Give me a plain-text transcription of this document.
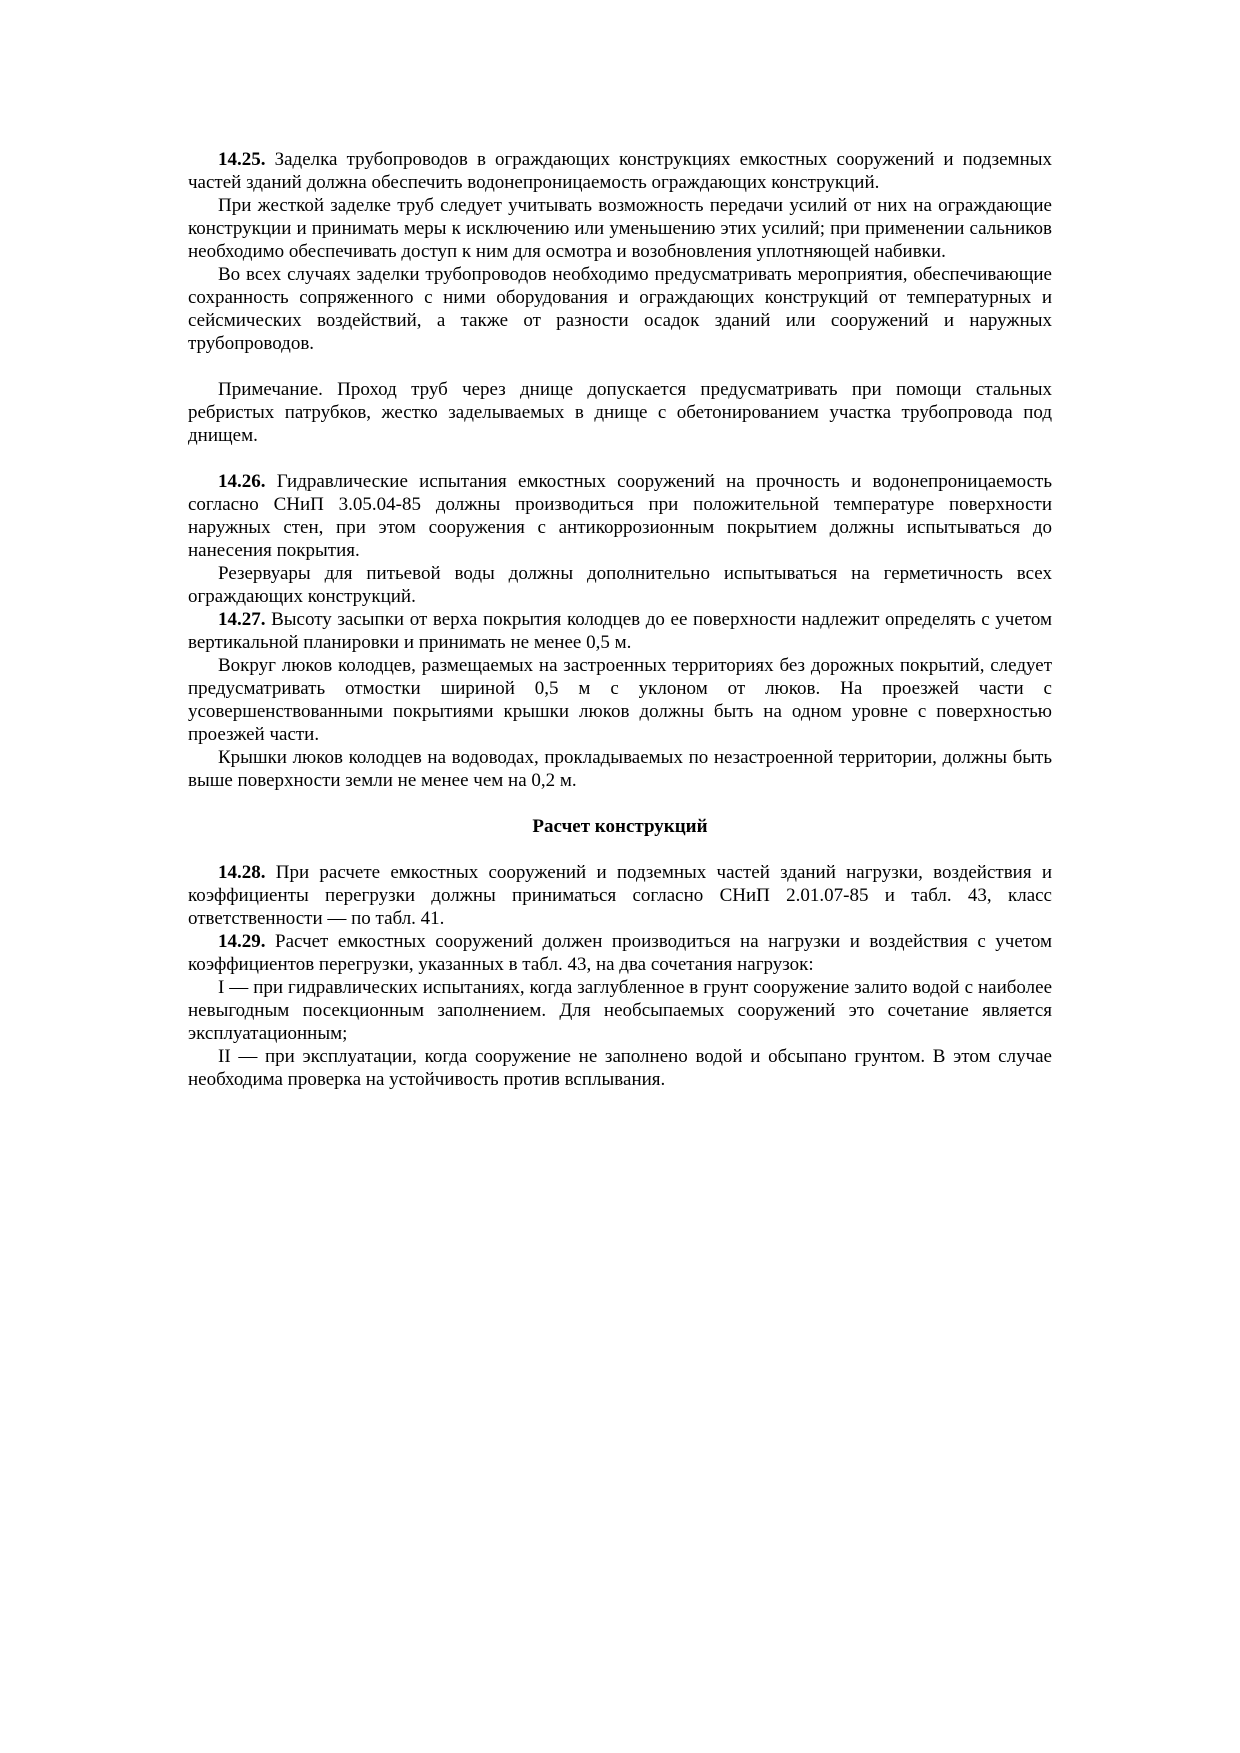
14.25. Заделка трубопроводов в ограждающих конструкциях емкостных сооружений и подземных частей зданий должна обеспечить водонепроницаемость ограждающих конструкций.

При жесткой заделке труб следует учитывать возможность передачи усилий от них на ограждающие конструкции и принимать меры к исключению или уменьшению этих усилий; при применении сальников необходимо обеспечивать доступ к ним для осмотра и возобновления уплотняющей набивки.

Во всех случаях заделки трубопроводов необходимо предусматривать мероприятия, обеспечивающие сохранность сопряженного с ними оборудования и ограждающих конструкций от температурных и сейсмических воздействий, а также от разности осадок зданий или сооружений и наружных трубопроводов.

Примечание. Проход труб через днище допускается предусматривать при помощи стальных ребристых патрубков, жестко заделываемых в днище с обетонированием участка трубопровода под днищем.

14.26. Гидравлические испытания емкостных сооружений на прочность и водонепроницаемость согласно СНиП 3.05.04-85 должны производиться при положительной температуре поверхности наружных стен, при этом сооружения с антикоррозионным покрытием должны испытываться до нанесения покрытия.

Резервуары для питьевой воды должны дополнительно испытываться на герметичность всех ограждающих конструкций.

14.27. Высоту засыпки от верха покрытия колодцев до ее поверхности надлежит определять с учетом вертикальной планировки и принимать не менее 0,5 м.

Вокруг люков колодцев, размещаемых на застроенных территориях без дорожных покрытий, следует предусматривать отмостки шириной 0,5 м с уклоном от люков. На проезжей части с усовершенствованными покрытиями крышки люков должны быть на одном уровне с поверхностью проезжей части.

Крышки люков колодцев на водоводах, прокладываемых по незастроенной территории, должны быть выше поверхности земли не менее чем на 0,2 м.

Расчет конструкций

14.28. При расчете емкостных сооружений и подземных частей зданий нагрузки, воздействия и коэффициенты перегрузки должны приниматься согласно СНиП 2.01.07-85 и табл. 43, класс ответственности — по табл. 41.

14.29. Расчет емкостных сооружений должен производиться на нагрузки и воздействия с учетом коэффициентов перегрузки, указанных в табл. 43, на два сочетания нагрузок:

I — при гидравлических испытаниях, когда заглубленное в грунт сооружение залито водой с наиболее невыгодным посекционным заполнением. Для необсыпаемых сооружений это сочетание является эксплуатационным;

II — при эксплуатации, когда сооружение не заполнено водой и обсыпано грунтом. В этом случае необходима проверка на устойчивость против всплывания.
